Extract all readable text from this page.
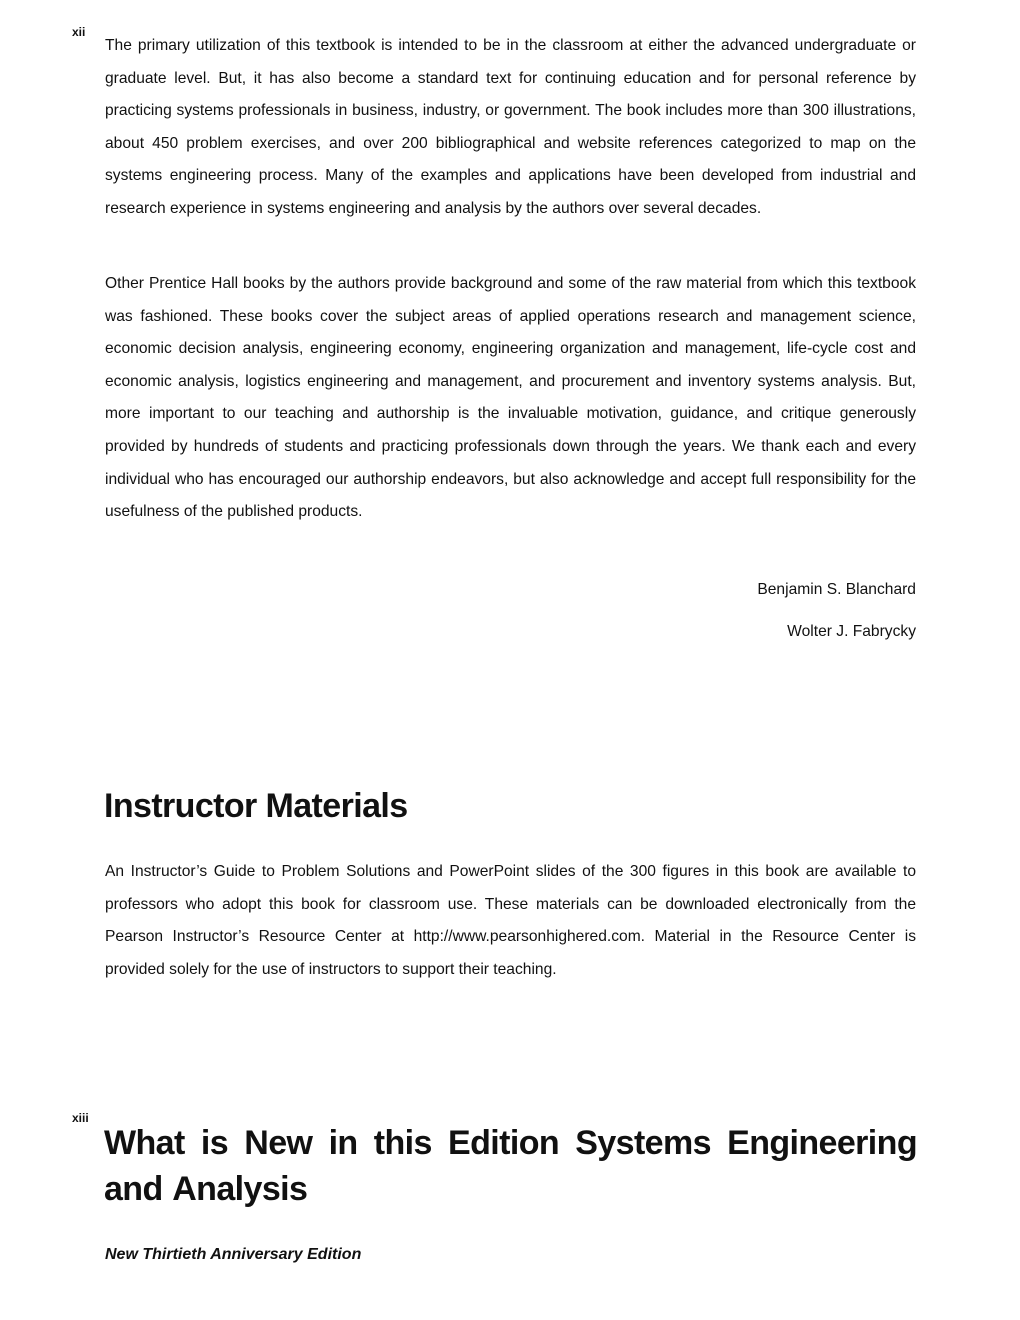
xii

The primary utilization of this textbook is intended to be in the classroom at either the advanced undergraduate or graduate level. But, it has also become a standard text for continuing education and for personal reference by practicing systems professionals in business, industry, or government. The book includes more than 300 illustrations, about 450 problem exercises, and over 200 bibliographical and website references categorized to map on the systems engineering process. Many of the examples and applications have been developed from industrial and research experience in systems engineering and analysis by the authors over several decades.

Other Prentice Hall books by the authors provide background and some of the raw material from which this textbook was fashioned. These books cover the subject areas of applied operations research and management science, economic decision analysis, engineering economy, engineering organization and management, life-cycle cost and economic analysis, logistics engineering and management, and procurement and inventory systems analysis. But, more important to our teaching and authorship is the invaluable motivation, guidance, and critique generously provided by hundreds of students and practicing professionals down through the years. We thank each and every individual who has encouraged our authorship endeavors, but also acknowledge and accept full responsibility for the usefulness of the published products.

Benjamin S. Blanchard

Wolter J. Fabrycky

Instructor Materials

An Instructor’s Guide to Problem Solutions and PowerPoint slides of the 300 figures in this book are available to professors who adopt this book for classroom use. These materials can be downloaded electronically from the Pearson Instructor’s Resource Center at http://www.pearsonhighered.com. Material in the Resource Center is provided solely for the use of instructors to support their teaching.

xiii
What is New in this Edition Systems Engineering and Analysis

New Thirtieth Anniversary Edition
